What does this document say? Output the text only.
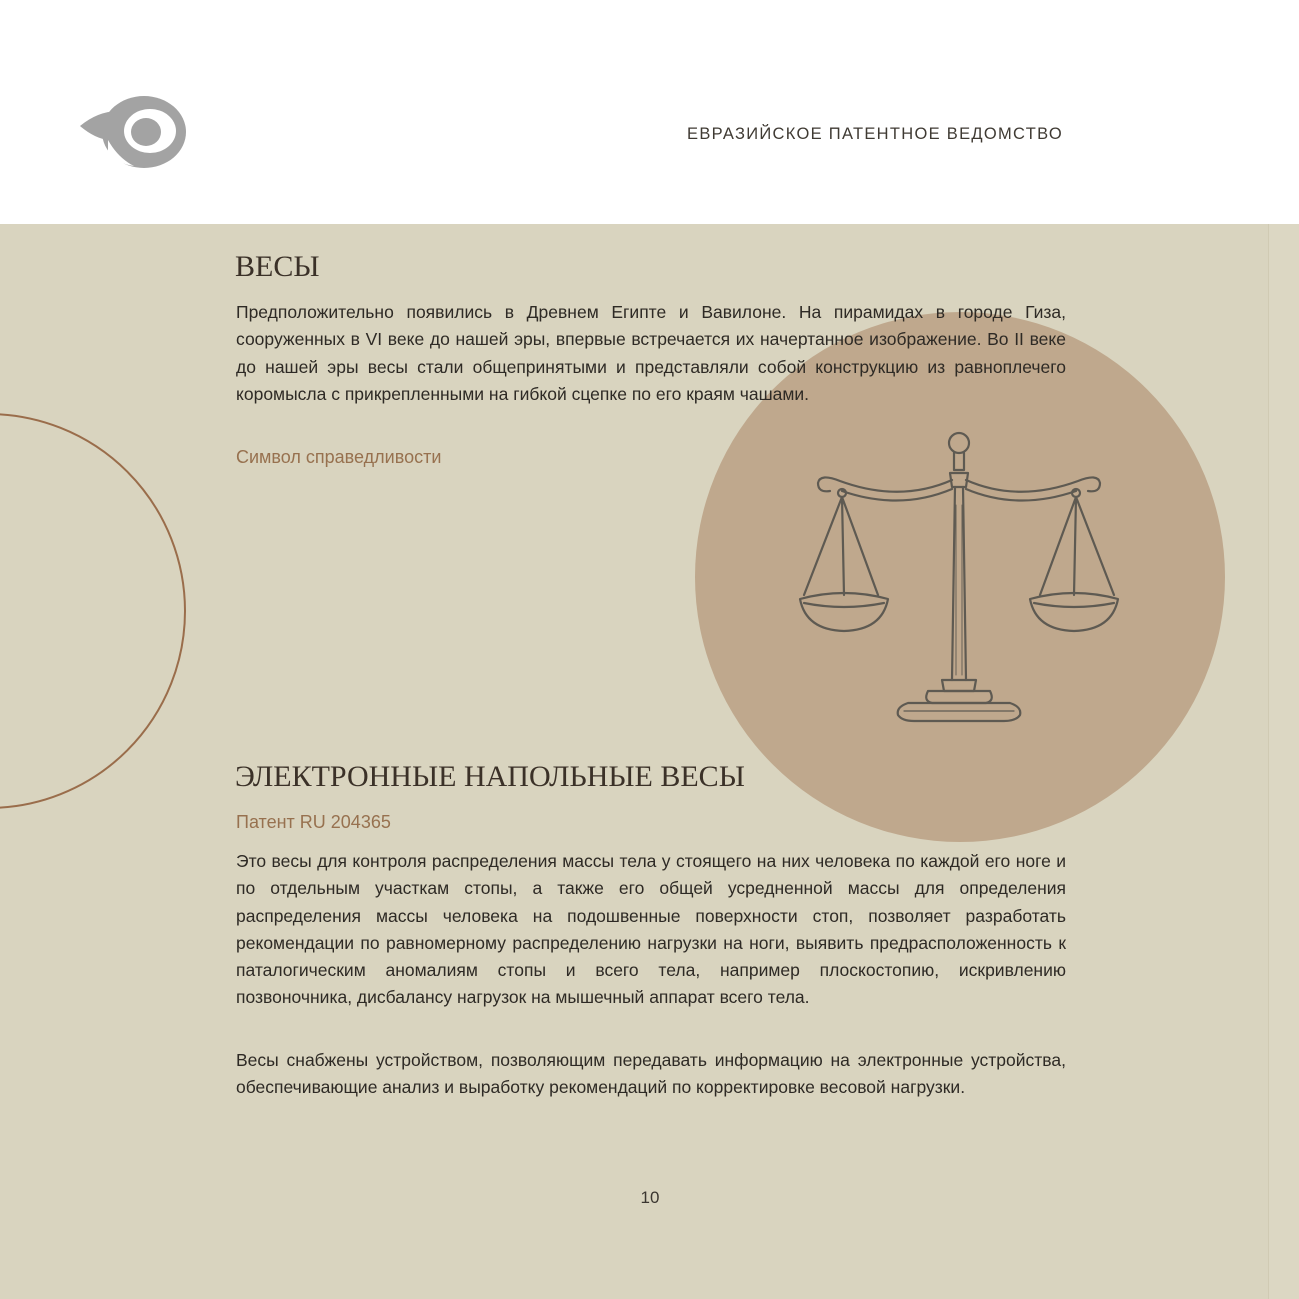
ЕВРАЗИЙСКОЕ ПАТЕНТНОЕ ВЕДОМСТВО
ВЕСЫ

Предположительно появились в Древнем Египте и Вавилоне. На пирамидах в городе Гиза, сооруженных в VI веке до нашей эры, впервые встречается их начертанное изображение. Во II веке до нашей эры весы стали общепринятыми и представляли собой конструкцию из равноплечего коромысла с прикрепленными на гибкой сцепке по его краям чашами.

Символ справедливости

ЭЛЕКТРОННЫЕ НАПОЛЬНЫЕ ВЕСЫ

Патент RU 204365

Это весы для контроля распределения массы тела у стоящего на них человека по каждой его ноге и по отдельным участкам стопы, а также его общей усредненной массы для определения распределения массы человека на подошвенные поверхности стоп, позволяет разработать рекомендации по равномерному распределению нагрузки на ноги, выявить предрасположенность к паталогическим аномалиям стопы и всего тела, например плоскостопию, искривлению позвоночника, дисбалансу нагрузок на мышечный аппарат всего тела.

Весы снабжены устройством, позволяющим передавать информацию на электронные устройства, обеспечивающие анализ и выработку рекомендаций по корректировке весовой нагрузки.

10
